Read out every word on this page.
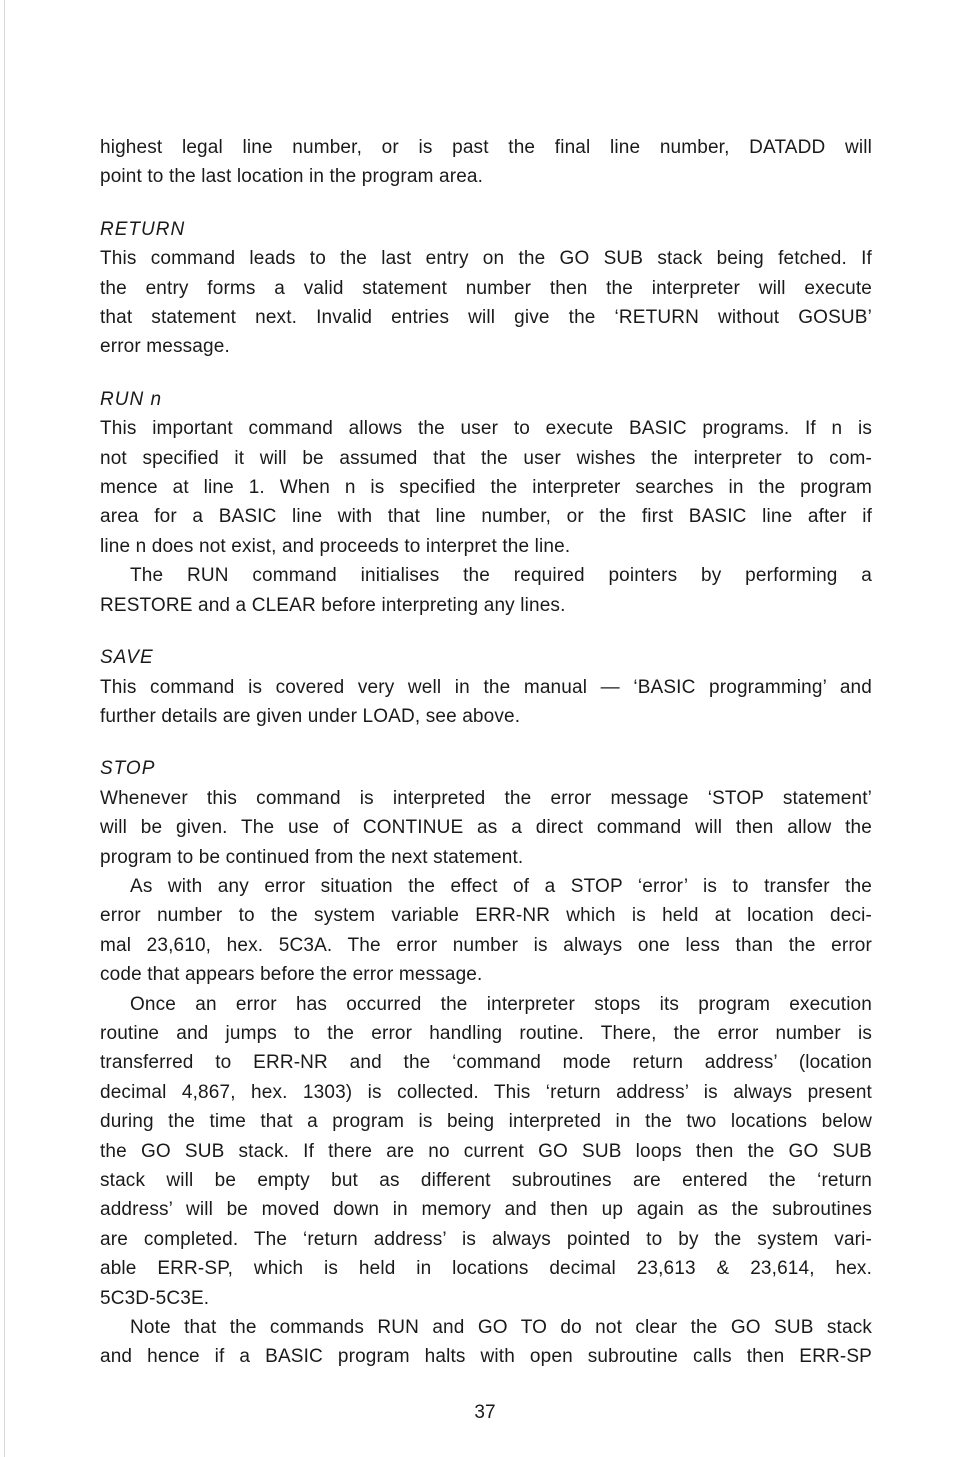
highest legal line number, or is past the final line number, DATADD will
point to the last location in the program area.
RETURN
This command leads to the last entry on the GO SUB stack being fetched. If
the entry forms a valid statement number then the interpreter will execute
that statement next. Invalid entries will give the ‘RETURN without GOSUB’
error message.
RUN n
This important command allows the user to execute BASIC programs. If n is
not specified it will be assumed that the user wishes the interpreter to com-
mence at line 1. When n is specified the interpreter searches in the program
area for a BASIC line with that line number, or the first BASIC line after if
line n does not exist, and proceeds to interpret the line.
The RUN command initialises the required pointers by performing a
RESTORE and a CLEAR before interpreting any lines.
SAVE
This command is covered very well in the manual — ‘BASIC programming’ and
further details are given under LOAD, see above.
STOP
Whenever this command is interpreted the error message ‘STOP statement’
will be given. The use of CONTINUE as a direct command will then allow the
program to be continued from the next statement.
As with any error situation the effect of a STOP ‘error’ is to transfer the
error number to the system variable ERR-NR which is held at location deci-
mal 23,610, hex. 5C3A. The error number is always one less than the error
code that appears before the error message.
Once an error has occurred the interpreter stops its program execution
routine and jumps to the error handling routine. There, the error number is
transferred to ERR-NR and the ‘command mode return address’ (location
decimal 4,867, hex. 1303) is collected. This ‘return address’ is always present
during the time that a program is being interpreted in the two locations below
the GO SUB stack. If there are no current GO SUB loops then the GO SUB
stack will be empty but as different subroutines are entered the ‘return
address’ will be moved down in memory and then up again as the subroutines
are completed. The ‘return address’ is always pointed to by the system vari-
able ERR-SP, which is held in locations decimal 23,613 & 23,614, hex.
5C3D-5C3E.
Note that the commands RUN and GO TO do not clear the GO SUB stack
and hence if a BASIC program halts with open subroutine calls then ERR-SP
37
